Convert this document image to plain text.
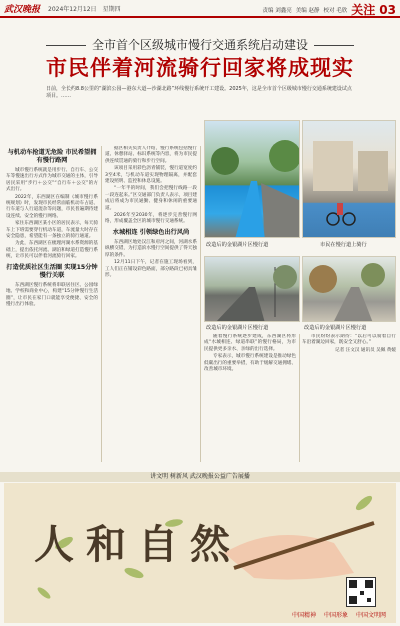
武汉晚报 2024年12月12日 星期四	责编 刘鑫亮 美编 赵静 校对 毛欣 关注 03
全市首个区级城市慢行交通系统启动建设
市民伴着河流骑行回家将成现实
日前，全长约8.8公里的“湖滨公园—港东大道—沙湖北路”环线慢行系统开工建设。2025年，这是全市首个区级城市慢行交通系统建设试点项目。……
与机动车抢道无危险 市民希望拥有慢行路网

城市慢行系统就是用步行、自行车、公交车等慢速出行方式作为城市交通的主体，引导居民采用“步行＋公交”“自行车＋公交”的方式出行。

2022年，东西湖区在编制《城市慢行系统规划》时，发现市民经常面临机动车占道、行车道与人行道混杂等问题，市民普遍期待建设连续、安全的慢行网络。

家住东西湖区某小区的居民表示，每天骑车上下班需要穿行机动车道，车流量大时存在安全隐患，希望能有一条独立的骑行通道。

为此，东西湖区在梳理河湖水系资源的基础上，提出依托河流、湖泊和绿道打造慢行系统，让市民可以伴着河流骑行回家。

打造优质社区生活圈 实现15分钟慢行关联

东西湖区慢行系统将串联居住区、公园绿地、学校和商业中心，构建“15分钟慢行生活圈”，让市民在家门口就能享受便捷、安全的慢行出行体验。

据区相关负责人介绍，慢行系统包括慢行道、休憩驿站、标识系统等内容，将为市民提供连续贯通的骑行和步行空间。

该项目采用彩色沥青铺装，慢行道宽度约3至4米，与机动车道实现物理隔离，并配套建设照明、监控和休息设施。

“一年半的时间，我们会把慢行线路一段一段连起来。”区交通部门负责人表示，项目建成后将成为市民通勤、健身和休闲的重要通道。

2026年至2030年，将逐步完善慢行网络，形成覆盖全区的城市慢行交通系统。

水城相连 引领绿色出行风尚

东西湖区地处汉江和府河之间，河湖水系纵横交错，为打造滨水慢行空间提供了得天独厚的条件。

12月11日下午，记者在施工现场看到，工人们正在铺设彩色路面，部分路段已初具雏形。

改造后的金银湖片区慢行道	市民在慢行道上骑行
改造后的金银湖片区慢行道	改造后的金银湖片区慢行道

随着慢行系统逐步建成，东西湖区将形成“水城相连、绿道串联”的慢行格局，为市民提供更多亲水、亲绿的出行选择。

专家表示，城市慢行系统建设是推动绿色低碳出行的重要举措，有助于缓解交通拥堵、改善城市环境。

市民纷纷表示期待：“以后可以骑着自行车沿着湖边回家，既安全又舒心。”

记者 汪文汉 通讯员 吴佩 黄媛

讲文明 树新风 武汉晚报公益广告展播
人 和 自 然
中国精神 中国形象 中国文明网
